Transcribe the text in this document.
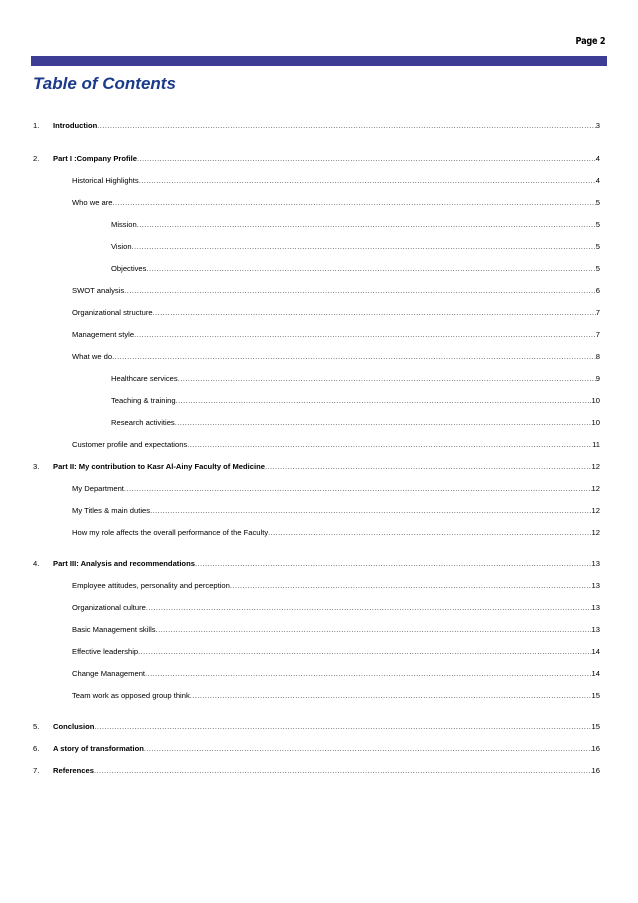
Page 2
Table of Contents
1. Introduction .....	3
2. Part I :Company Profile .....	4
Historical Highlights .....	4
Who we are .....	5
Mission .....	5
Vision .....	5
Objectives .....	5
SWOT analysis .....	6
Organizational structure .....	7
Management style .....	7
What we do .....	8
Healthcare services .....	9
Teaching & training .....	10
Research activities .....	10
Customer profile and expectations .....	11
3. Part II: My contribution to Kasr Al-Ainy Faculty of Medicine .....	12
My Department .....	12
My Titles & main duties .....	12
How my role affects the overall performance of the Faculty .....	12
4. Part III: Analysis and recommendations .....	13
Employee attitudes, personality and perception .....	13
Organizational culture .....	13
Basic Management skills .....	13
Effective leadership .....	14
Change Management .....	14
Team work as opposed group think .....	15
5. Conclusion .....	15
6. A story of transformation .....	16
7. References .....	16
